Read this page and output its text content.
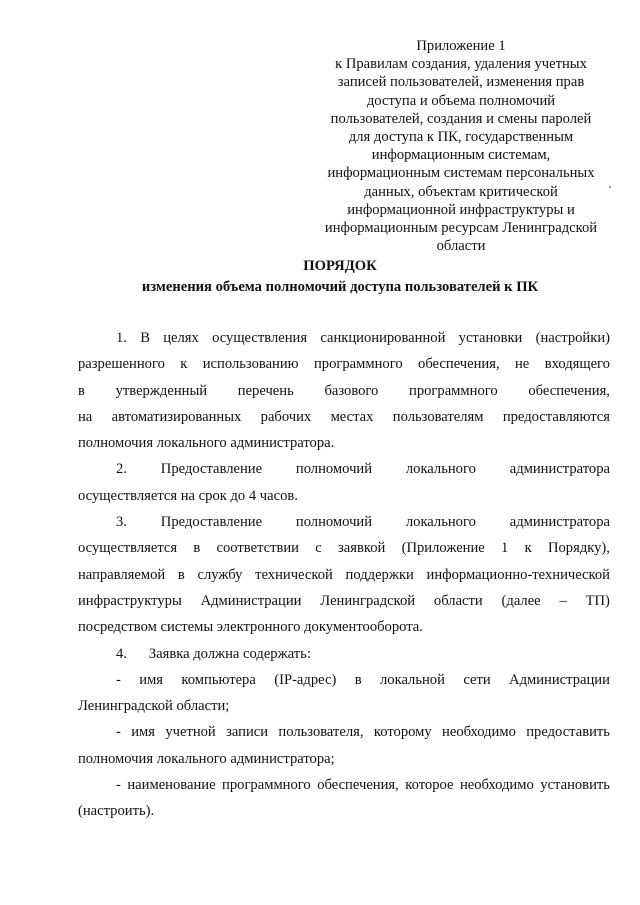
Приложение 1
к Правилам создания, удаления учетных
записей пользователей, изменения прав
доступа и объема полномочий
пользователей, создания и смены паролей
для доступа к ПК, государственным
информационным системам,
информационным системам персональных
данных, объектам критической
информационной инфраструктуры и
информационным ресурсам Ленинградской
области
ПОРЯДОК
изменения объема полномочий доступа пользователей к ПК
1. В целях осуществления санкционированной установки (настройки)
разрешенного к использованию программного обеспечения, не входящего
в утвержденный перечень базового программного обеспечения,
на автоматизированных рабочих местах пользователям предоставляются
полномочия локального администратора.
2. Предоставление полномочий локального администратора
осуществляется на срок до 4 часов.
3. Предоставление полномочий локального администратора
осуществляется в соответствии с заявкой (Приложение 1 к Порядку),
направляемой в службу технической поддержки информационно-технической
инфраструктуры Администрации Ленинградской области (далее – ТП)
посредством системы электронного документооборота.
4.      Заявка должна содержать:
- имя компьютера (IP-адрес) в локальной сети Администрации
Ленинградской области;
- имя учетной записи пользователя, которому необходимо предоставить
полномочия локального администратора;
- наименование программного обеспечения, которое необходимо установить
(настроить).
